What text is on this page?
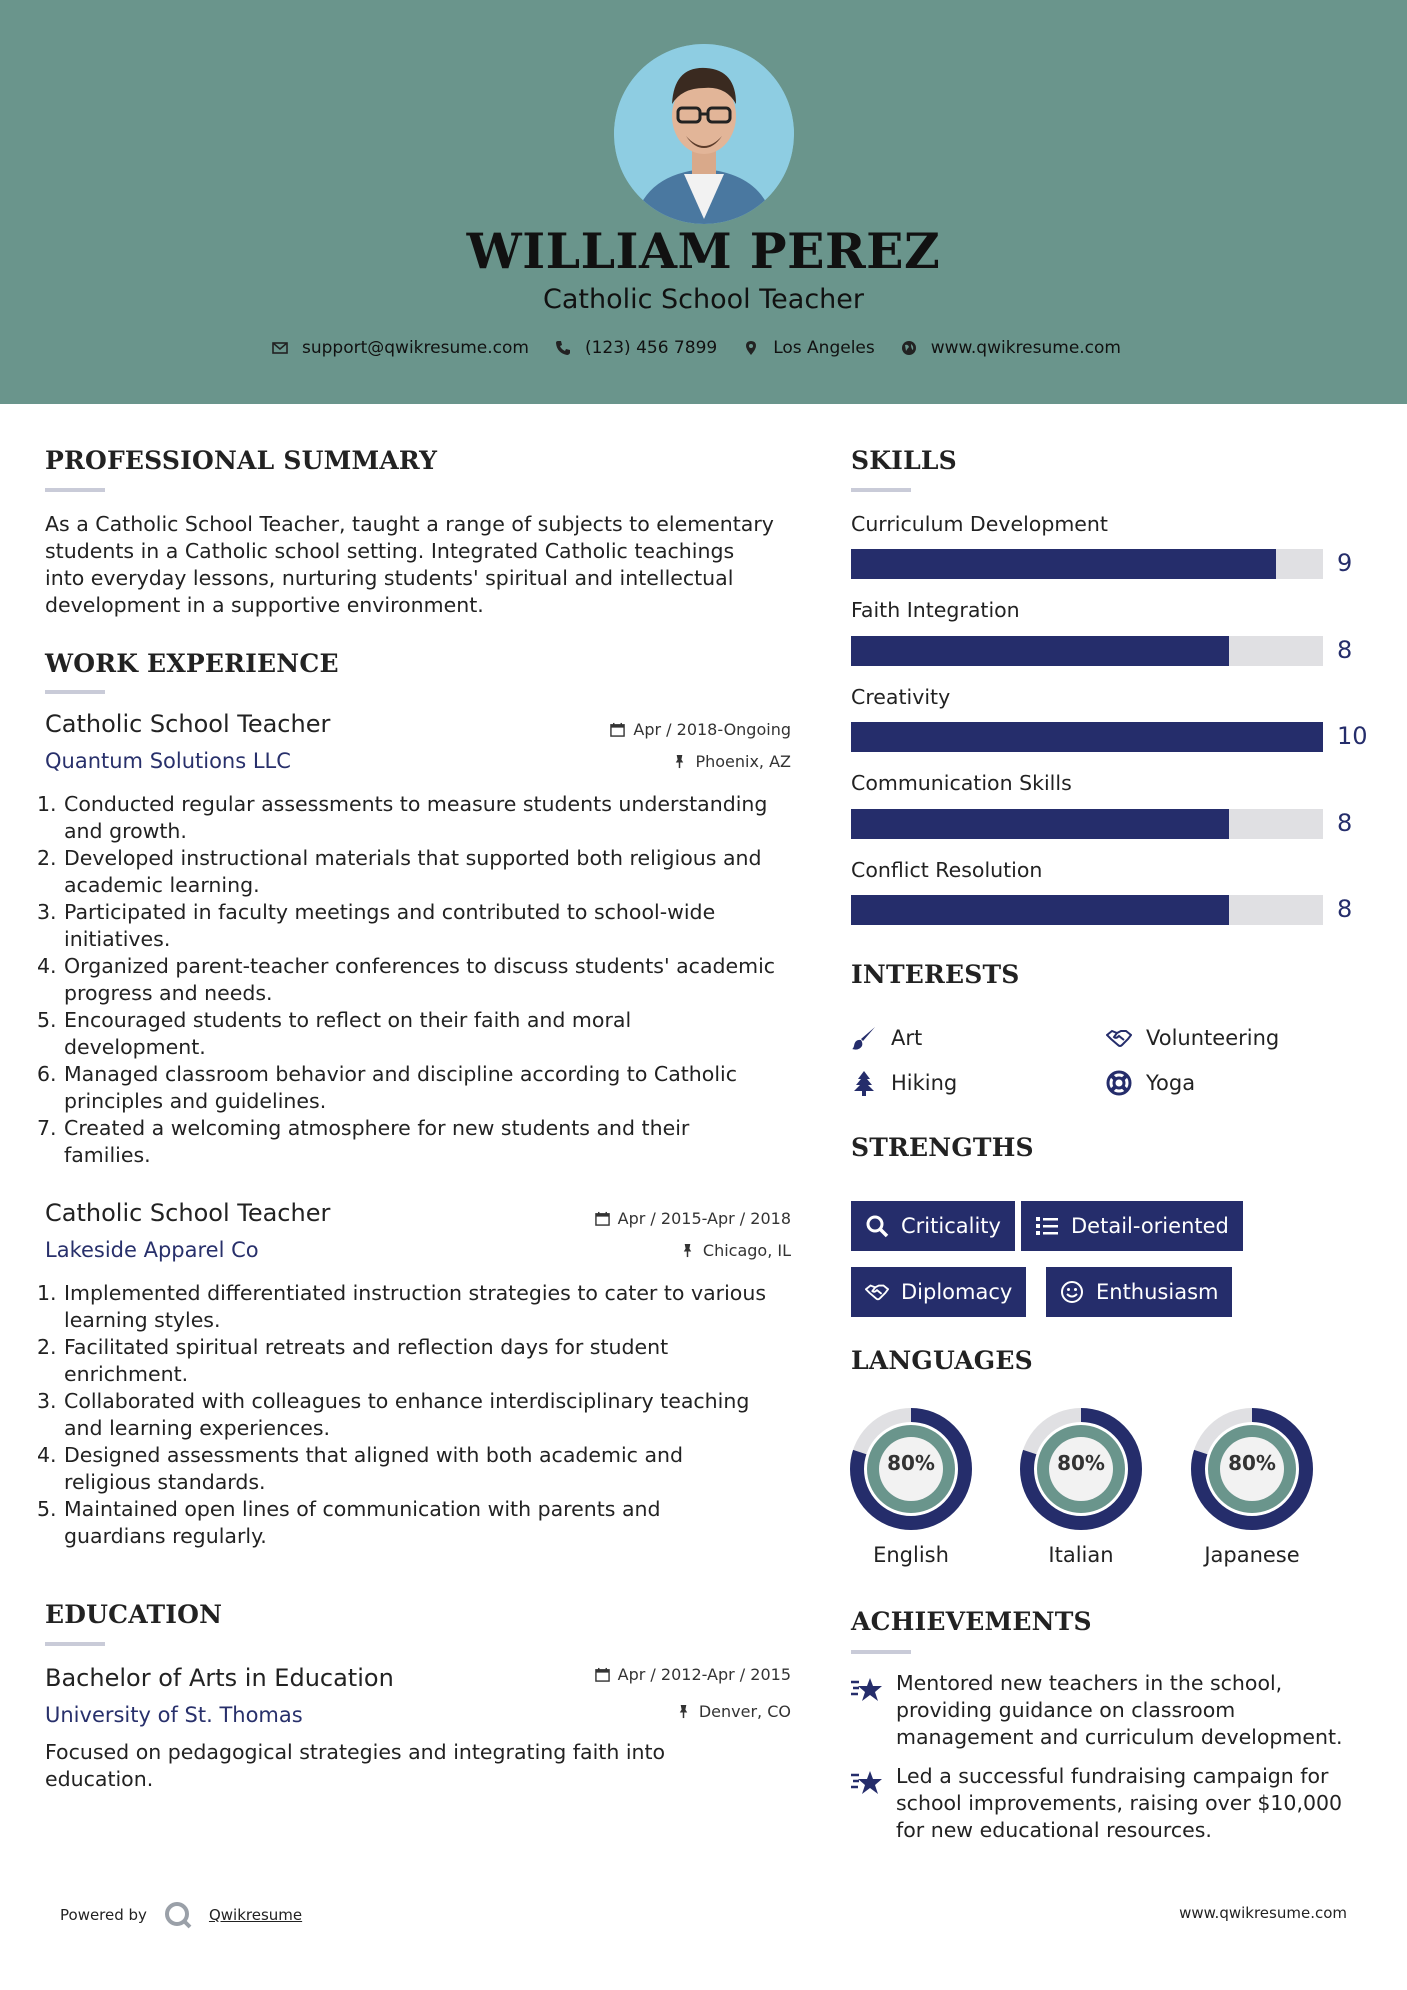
WILLIAM PEREZ
Catholic School Teacher
support@qwikresume.com	(123) 456 7899	Los Angeles	www.qwikresume.com
PROFESSIONAL SUMMARY
As a Catholic School Teacher, taught a range of subjects to elementary
students in a Catholic school setting. Integrated Catholic teachings
into everyday lessons, nurturing students' spiritual and intellectual
development in a supportive environment.
WORK EXPERIENCE
Catholic School Teacher
Quantum Solutions LLC
Apr / 2018-Ongoing
Phoenix, AZ
1. Conducted regular assessments to measure students understanding
and growth.
2. Developed instructional materials that supported both religious and
academic learning.
3. Participated in faculty meetings and contributed to school-wide
initiatives.
4. Organized parent-teacher conferences to discuss students' academic
progress and needs.
5. Encouraged students to reflect on their faith and moral
development.
6. Managed classroom behavior and discipline according to Catholic
principles and guidelines.
7. Created a welcoming atmosphere for new students and their
families.
Catholic School Teacher
Lakeside Apparel Co
Apr / 2015-Apr / 2018
Chicago, IL
1. Implemented differentiated instruction strategies to cater to various
learning styles.
2. Facilitated spiritual retreats and reflection days for student
enrichment.
3. Collaborated with colleagues to enhance interdisciplinary teaching
and learning experiences.
4. Designed assessments that aligned with both academic and
religious standards.
5. Maintained open lines of communication with parents and
guardians regularly.
EDUCATION
Bachelor of Arts in Education
University of St. Thomas
Apr / 2012-Apr / 2015
Denver, CO
Focused on pedagogical strategies and integrating faith into
education.
SKILLS
Curriculum Development
9
Faith Integration
8
Creativity
10
Communication Skills
8
Conflict Resolution
8
INTERESTS
Art	Volunteering
Hiking	Yoga
STRENGTHS
Criticality	Detail-oriented
Diplomacy	Enthusiasm
LANGUAGES
80%
English
80%
Italian
80%
Japanese
ACHIEVEMENTS
Mentored new teachers in the school,
providing guidance on classroom
management and curriculum development.
Led a successful fundraising campaign for
school improvements, raising over $10,000
for new educational resources.
Powered by	Qwikresume	www.qwikresume.com
